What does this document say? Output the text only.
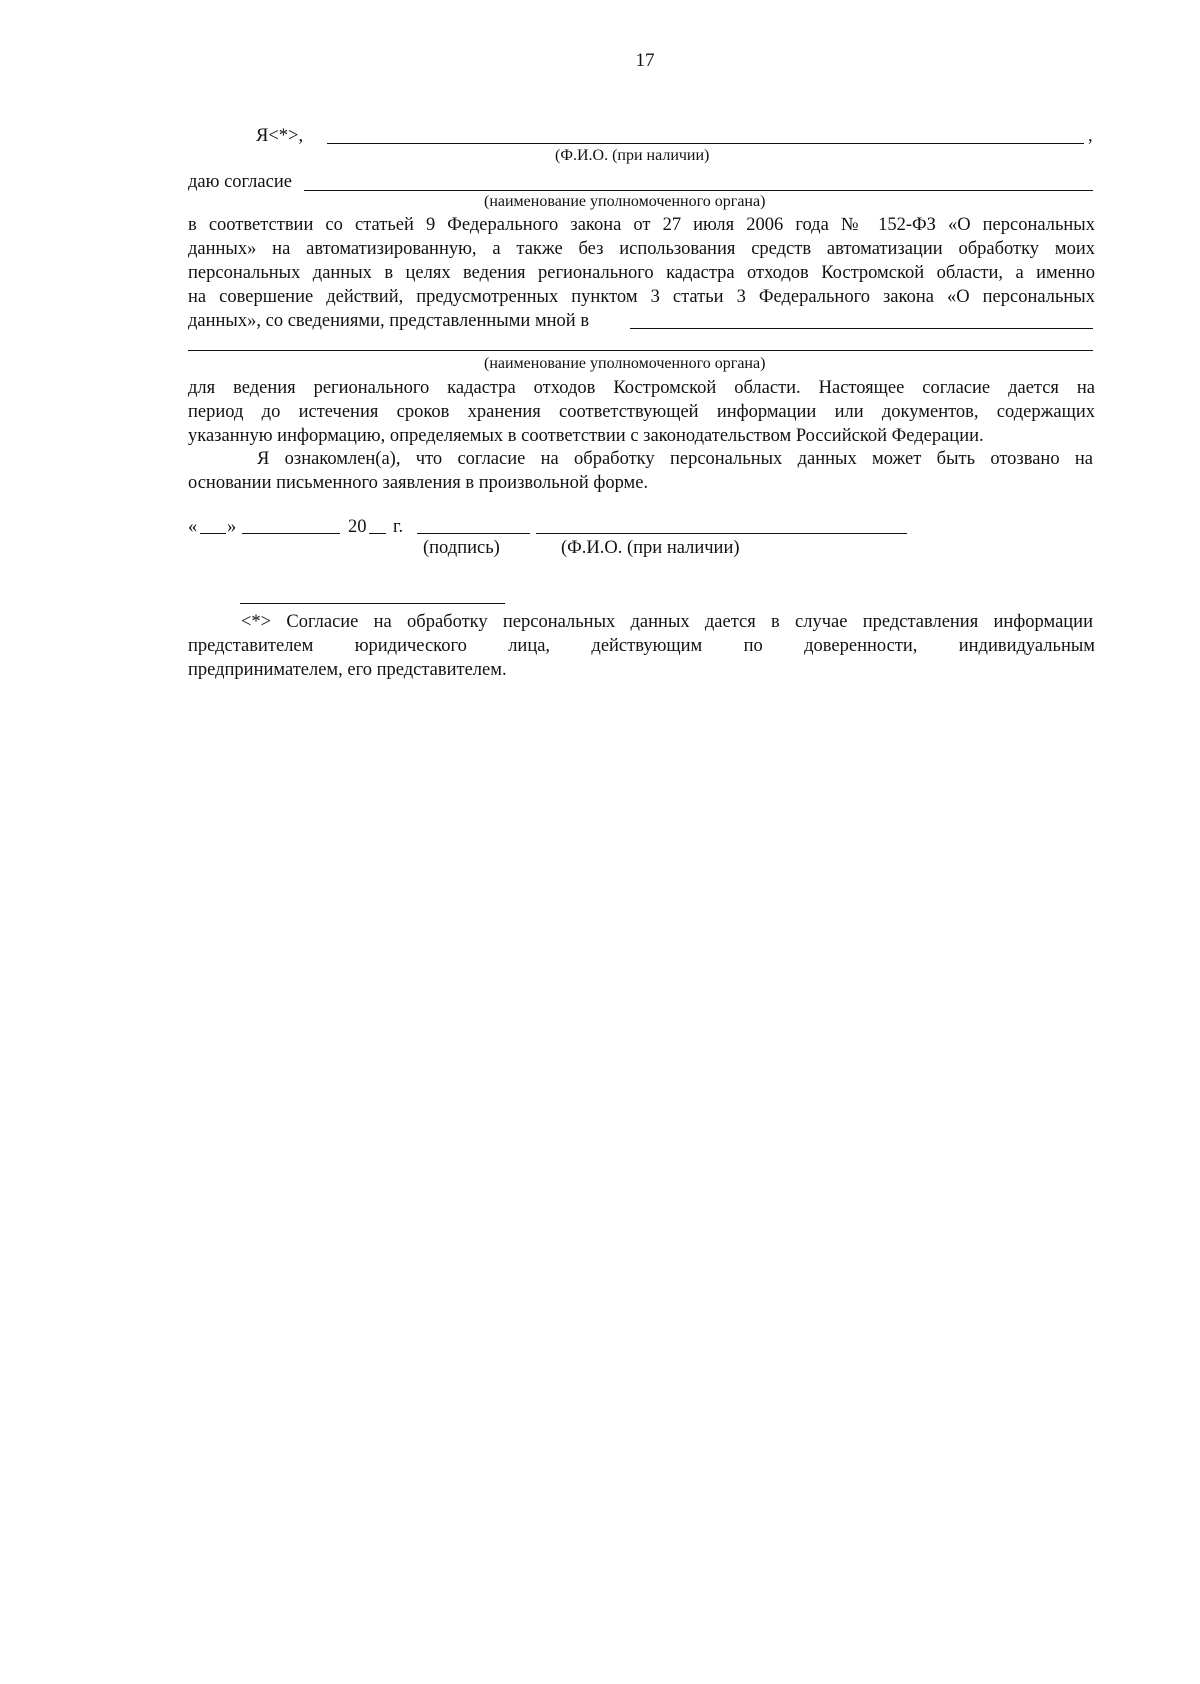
17
Я<*>,	,
(Ф.И.О. (при наличии)
даю согласие
(наименование уполномоченного органа)
в соответствии со статьей 9 Федерального закона от 27 июля 2006 года № 152-ФЗ «О персональных
данных» на автоматизированную, а также без использования средств автоматизации обработку моих
персональных данных в целях ведения регионального кадастра отходов Костромской области, а именно
на совершение действий, предусмотренных пунктом 3 статьи 3 Федерального закона «О персональных
данных», со сведениями, представленными мной в
(наименование уполномоченного органа)
для ведения регионального кадастра отходов Костромской области. Настоящее согласие дается на
период до истечения сроков хранения соответствующей информации или документов, содержащих
указанную информацию, определяемых в соответствии с законодательством Российской Федерации.
Я ознакомлен(а), что согласие на обработку персональных данных может быть отозвано на
основании письменного заявления в произвольной форме.
« »	20 г.
(подпись)	(Ф.И.О. (при наличии)
<*> Согласие на обработку персональных данных дается в случае представления информации
представителем юридического лица, действующим по доверенности, индивидуальным
предпринимателем, его представителем.
